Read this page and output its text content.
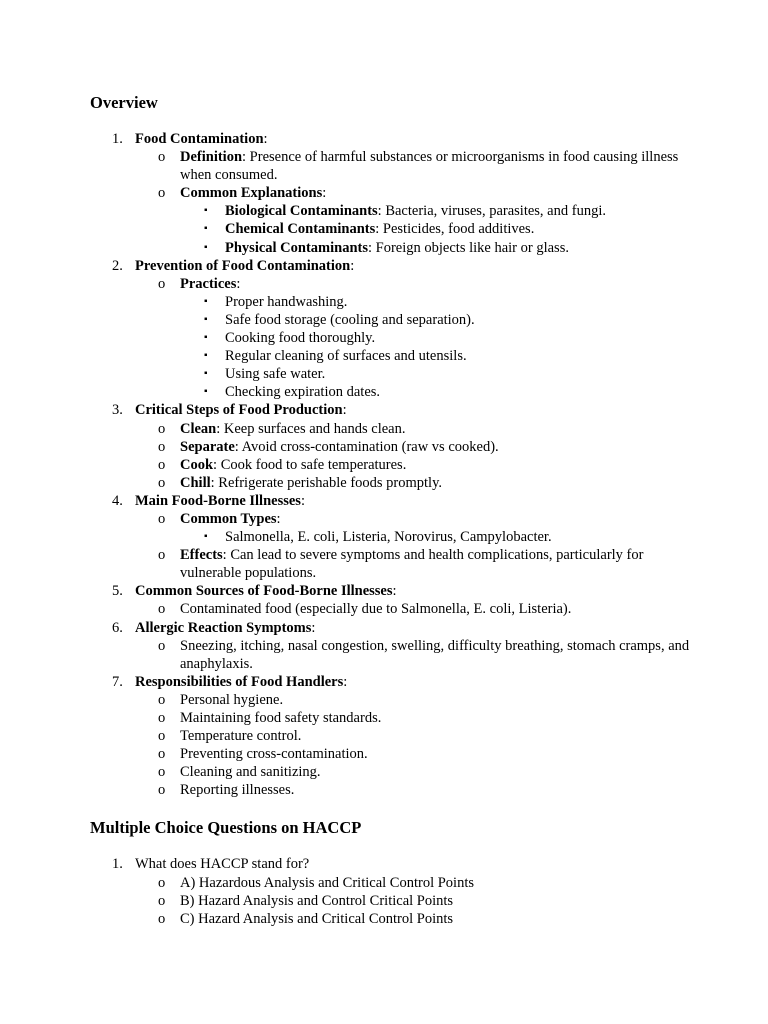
Overview
1. Food Contamination:
o Definition: Presence of harmful substances or microorganisms in food causing illness when consumed.
o Common Explanations:
▪ Biological Contaminants: Bacteria, viruses, parasites, and fungi.
▪ Chemical Contaminants: Pesticides, food additives.
▪ Physical Contaminants: Foreign objects like hair or glass.
2. Prevention of Food Contamination:
o Practices:
▪ Proper handwashing.
▪ Safe food storage (cooling and separation).
▪ Cooking food thoroughly.
▪ Regular cleaning of surfaces and utensils.
▪ Using safe water.
▪ Checking expiration dates.
3. Critical Steps of Food Production:
o Clean: Keep surfaces and hands clean.
o Separate: Avoid cross-contamination (raw vs cooked).
o Cook: Cook food to safe temperatures.
o Chill: Refrigerate perishable foods promptly.
4. Main Food-Borne Illnesses:
o Common Types:
▪ Salmonella, E. coli, Listeria, Norovirus, Campylobacter.
o Effects: Can lead to severe symptoms and health complications, particularly for vulnerable populations.
5. Common Sources of Food-Borne Illnesses:
o Contaminated food (especially due to Salmonella, E. coli, Listeria).
6. Allergic Reaction Symptoms:
o Sneezing, itching, nasal congestion, swelling, difficulty breathing, stomach cramps, and anaphylaxis.
7. Responsibilities of Food Handlers:
o Personal hygiene.
o Maintaining food safety standards.
o Temperature control.
o Preventing cross-contamination.
o Cleaning and sanitizing.
o Reporting illnesses.
Multiple Choice Questions on HACCP
1. What does HACCP stand for?
o A) Hazardous Analysis and Critical Control Points
o B) Hazard Analysis and Control Critical Points
o C) Hazard Analysis and Critical Control Points
